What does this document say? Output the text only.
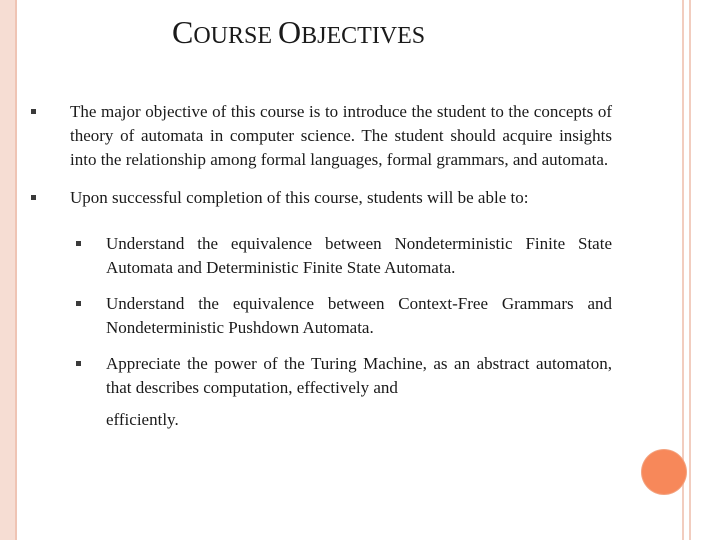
COURSE OBJECTIVES
The major objective of this course is to introduce the student to the concepts of theory of automata in computer science. The student should acquire insights into the relationship among formal languages, formal grammars, and automata.
Upon successful completion of this course, students will be able to:
Understand the equivalence between Nondeterministic Finite State Automata and Deterministic Finite State Automata.
Understand the equivalence between Context-Free Grammars and Nondeterministic Pushdown Automata.
Appreciate the power of the Turing Machine, as an abstract automaton, that describes computation, effectively and
efficiently.
